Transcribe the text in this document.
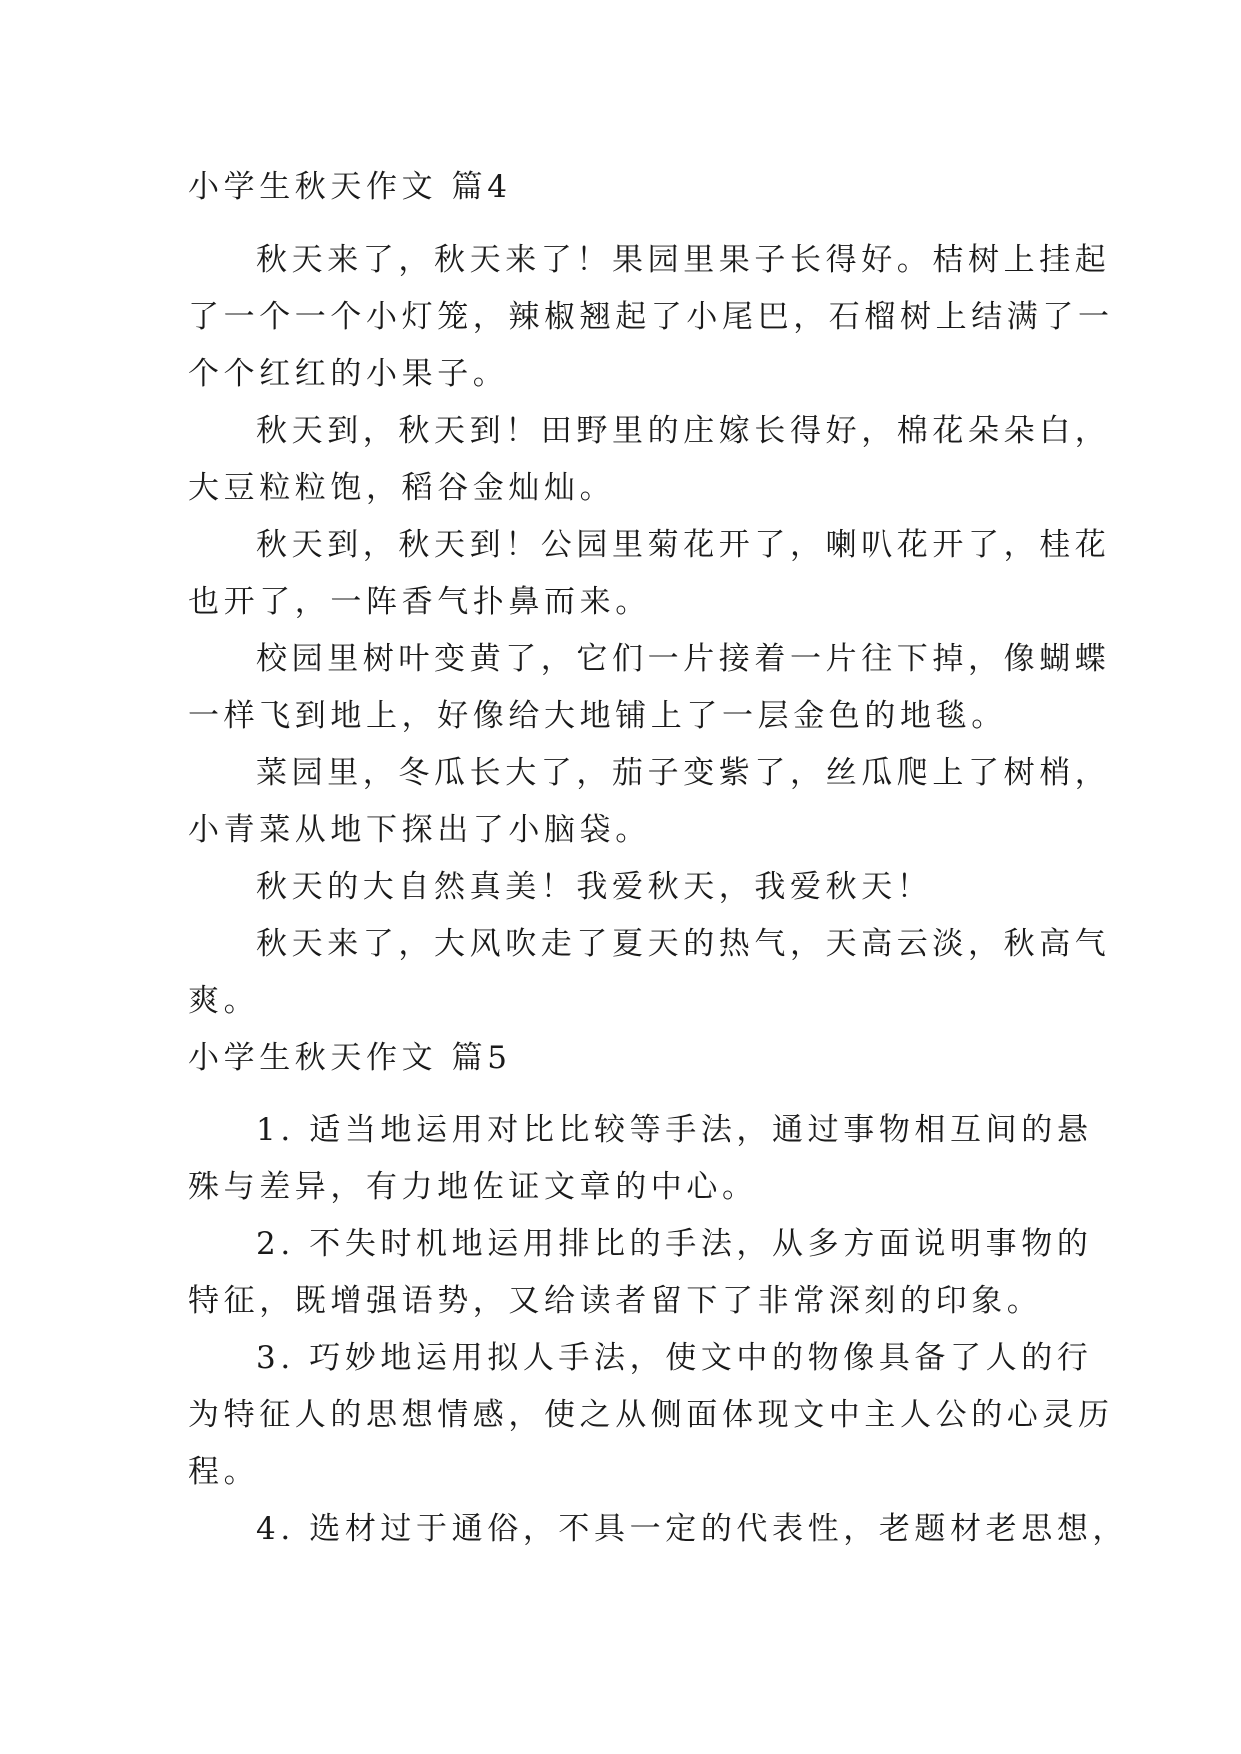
小学生秋天作文 篇4
秋天来了，秋天来了！果园里果子长得好。桔树上挂起
了一个一个小灯笼，辣椒翘起了小尾巴，石榴树上结满了一
个个红红的小果子。
秋天到，秋天到！田野里的庄嫁长得好，棉花朵朵白，
大豆粒粒饱，稻谷金灿灿。
秋天到，秋天到！公园里菊花开了，喇叭花开了，桂花
也开了，一阵香气扑鼻而来。
校园里树叶变黄了，它们一片接着一片往下掉，像蝴蝶
一样飞到地上，好像给大地铺上了一层金色的地毯。
菜园里，冬瓜长大了，茄子变紫了，丝瓜爬上了树梢，
小青菜从地下探出了小脑袋。
秋天的大自然真美！我爱秋天，我爱秋天！
秋天来了，大风吹走了夏天的热气，天高云淡，秋高气
爽。
小学生秋天作文 篇5
1. 适当地运用对比比较等手法，通过事物相互间的悬
殊与差异，有力地佐证文章的中心。
2. 不失时机地运用排比的手法，从多方面说明事物的
特征，既增强语势，又给读者留下了非常深刻的印象。
3. 巧妙地运用拟人手法，使文中的物像具备了人的行
为特征人的思想情感，使之从侧面体现文中主人公的心灵历
程。
4. 选材过于通俗，不具一定的代表性，老题材老思想，
